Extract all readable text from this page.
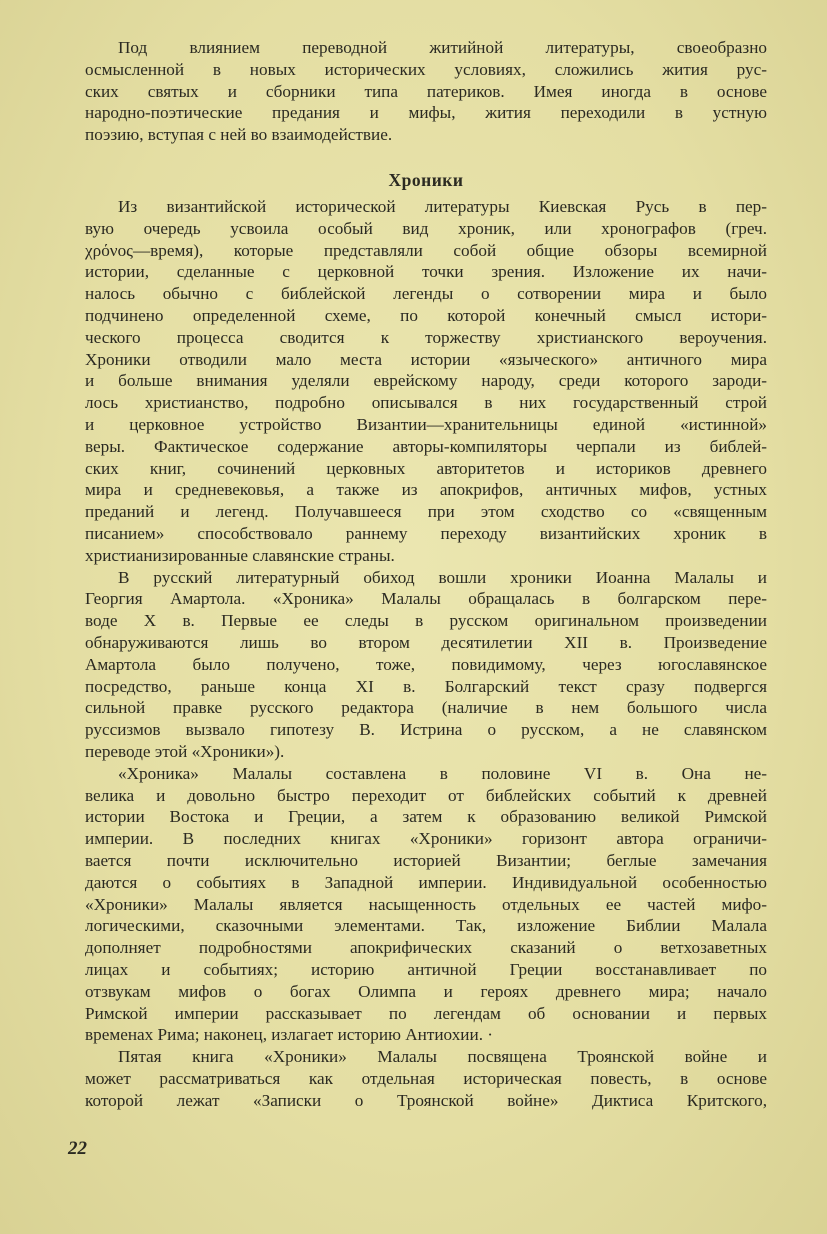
Под влиянием переводной житийной литературы, своеобразно
осмысленной в новых исторических условиях, сложились жития рус-
ских святых и сборники типа патериков. Имея иногда в основе
народно-поэтические предания и мифы, жития переходили в устную
поэзию, вступая с ней во взаимодействие.
Хроники
Из византийской исторической литературы Киевская Русь в пер-
вую очередь усвоила особый вид хроник, или хронографов (греч.
χρόνος—время), которые представляли собой общие обзоры всемирной
истории, сделанные с церковной точки зрения. Изложение их начи-
налось обычно с библейской легенды о сотворении мира и было
подчинено определенной схеме, по которой конечный смысл истори-
ческого процесса сводится к торжеству христианского вероучения.
Хроники отводили мало места истории «языческого» античного мира
и больше внимания уделяли еврейскому народу, среди которого зароди-
лось христианство, подробно описывался в них государственный строй
и церковное устройство Византии—хранительницы единой «истинной»
веры. Фактическое содержание авторы-компиляторы черпали из библей-
ских книг, сочинений церковных авторитетов и историков древнего
мира и средневековья, а также из апокрифов, античных мифов, устных
преданий и легенд. Получавшееся при этом сходство со «священным
писанием» способствовало раннему переходу византийских хроник в
христианизированные славянские страны.
В русский литературный обиход вошли хроники Иоанна Малалы и
Георгия Амартола. «Хроника» Малалы обращалась в болгарском пере-
воде X в. Первые ее следы в русском оригинальном произведении
обнаруживаются лишь во втором десятилетии XII в. Произведение
Амартола было получено, тоже, повидимому, через югославянское
посредство, раньше конца XI в. Болгарский текст сразу подвергся
сильной правке русского редактора (наличие в нем большого числа
руссизмов вызвало гипотезу В. Истрина о русском, а не славянском
переводе этой «Хроники»).
«Хроника» Малалы составлена в половине VI в. Она не-
велика и довольно быстро переходит от библейских событий к древней
истории Востока и Греции, а затем к образованию великой Римской
империи. В последних книгах «Хроники» горизонт автора ограничи-
вается почти исключительно историей Византии; беглые замечания
даются о событиях в Западной империи. Индивидуальной особенностью
«Хроники» Малалы является насыщенность отдельных ее частей мифо-
логическими, сказочными элементами. Так, изложение Библии Малала
дополняет подробностями апокрифических сказаний о ветхозаветных
лицах и событиях; историю античной Греции восстанавливает по
отзвукам мифов о богах Олимпа и героях древнего мира; начало
Римской империи рассказывает по легендам об основании и первых
временах Рима; наконец, излагает историю Антиохии. ·
Пятая книга «Хроники» Малалы посвящена Троянской войне и
может рассматриваться как отдельная историческая повесть, в основе
которой лежат «Записки о Троянской войне» Диктиса Критского,
22
